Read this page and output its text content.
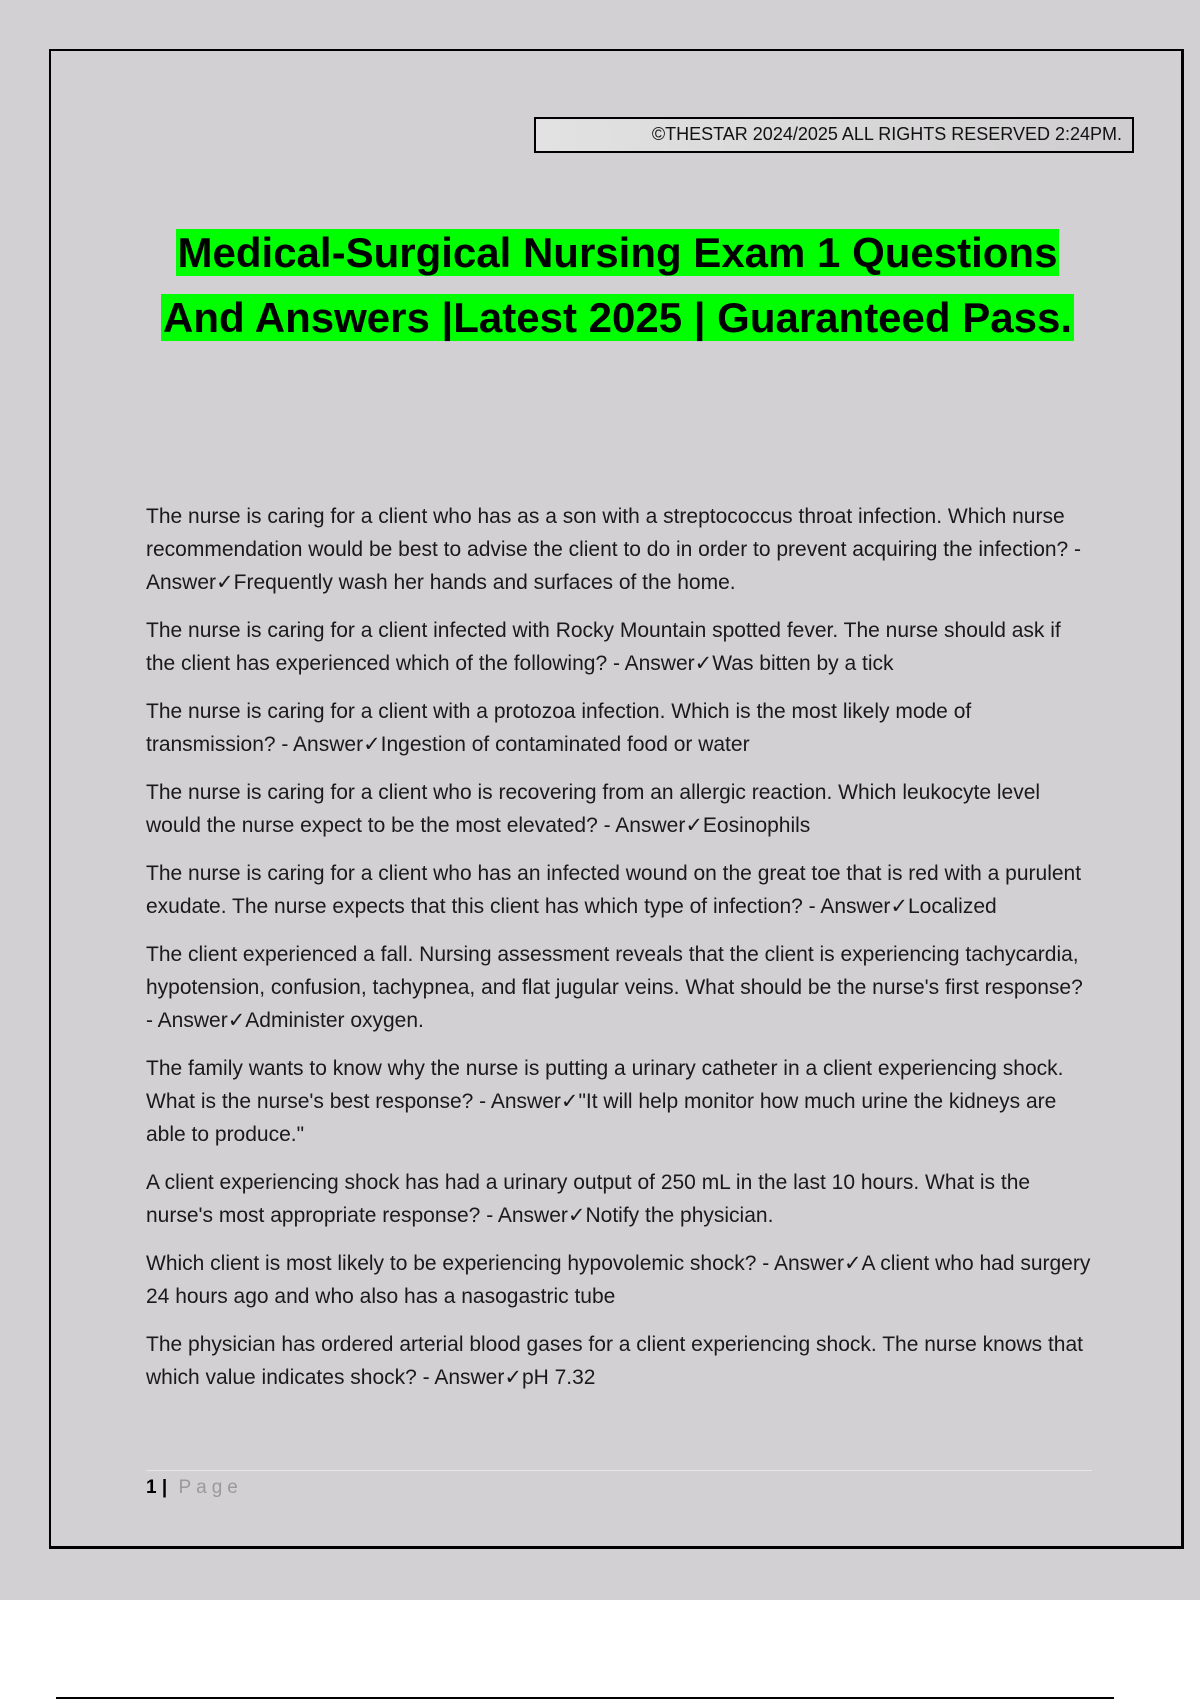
©THESTAR 2024/2025 ALL RIGHTS RESERVED 2:24PM.
Medical-Surgical Nursing Exam 1 Questions
And Answers |Latest 2025 | Guaranteed Pass.
The nurse is caring for a client who has as a son with a streptococcus throat infection. Which nurse recommendation would be best to advise the client to do in order to prevent acquiring the infection? - Answer✓Frequently wash her hands and surfaces of the home.
The nurse is caring for a client infected with Rocky Mountain spotted fever. The nurse should ask if the client has experienced which of the following? - Answer✓Was bitten by a tick
The nurse is caring for a client with a protozoa infection. Which is the most likely mode of transmission? - Answer✓Ingestion of contaminated food or water
The nurse is caring for a client who is recovering from an allergic reaction. Which leukocyte level would the nurse expect to be the most elevated? - Answer✓Eosinophils
The nurse is caring for a client who has an infected wound on the great toe that is red with a purulent exudate. The nurse expects that this client has which type of infection? - Answer✓Localized
The client experienced a fall. Nursing assessment reveals that the client is experiencing tachycardia, hypotension, confusion, tachypnea, and flat jugular veins. What should be the nurse's first response? - Answer✓Administer oxygen.
The family wants to know why the nurse is putting a urinary catheter in a client experiencing shock. What is the nurse's best response? - Answer✓"It will help monitor how much urine the kidneys are able to produce."
A client experiencing shock has had a urinary output of 250 mL in the last 10 hours. What is the nurse's most appropriate response? - Answer✓Notify the physician.
Which client is most likely to be experiencing hypovolemic shock? - Answer✓A client who had surgery 24 hours ago and who also has a nasogastric tube
The physician has ordered arterial blood gases for a client experiencing shock. The nurse knows that which value indicates shock? - Answer✓pH 7.32
1 | Page
